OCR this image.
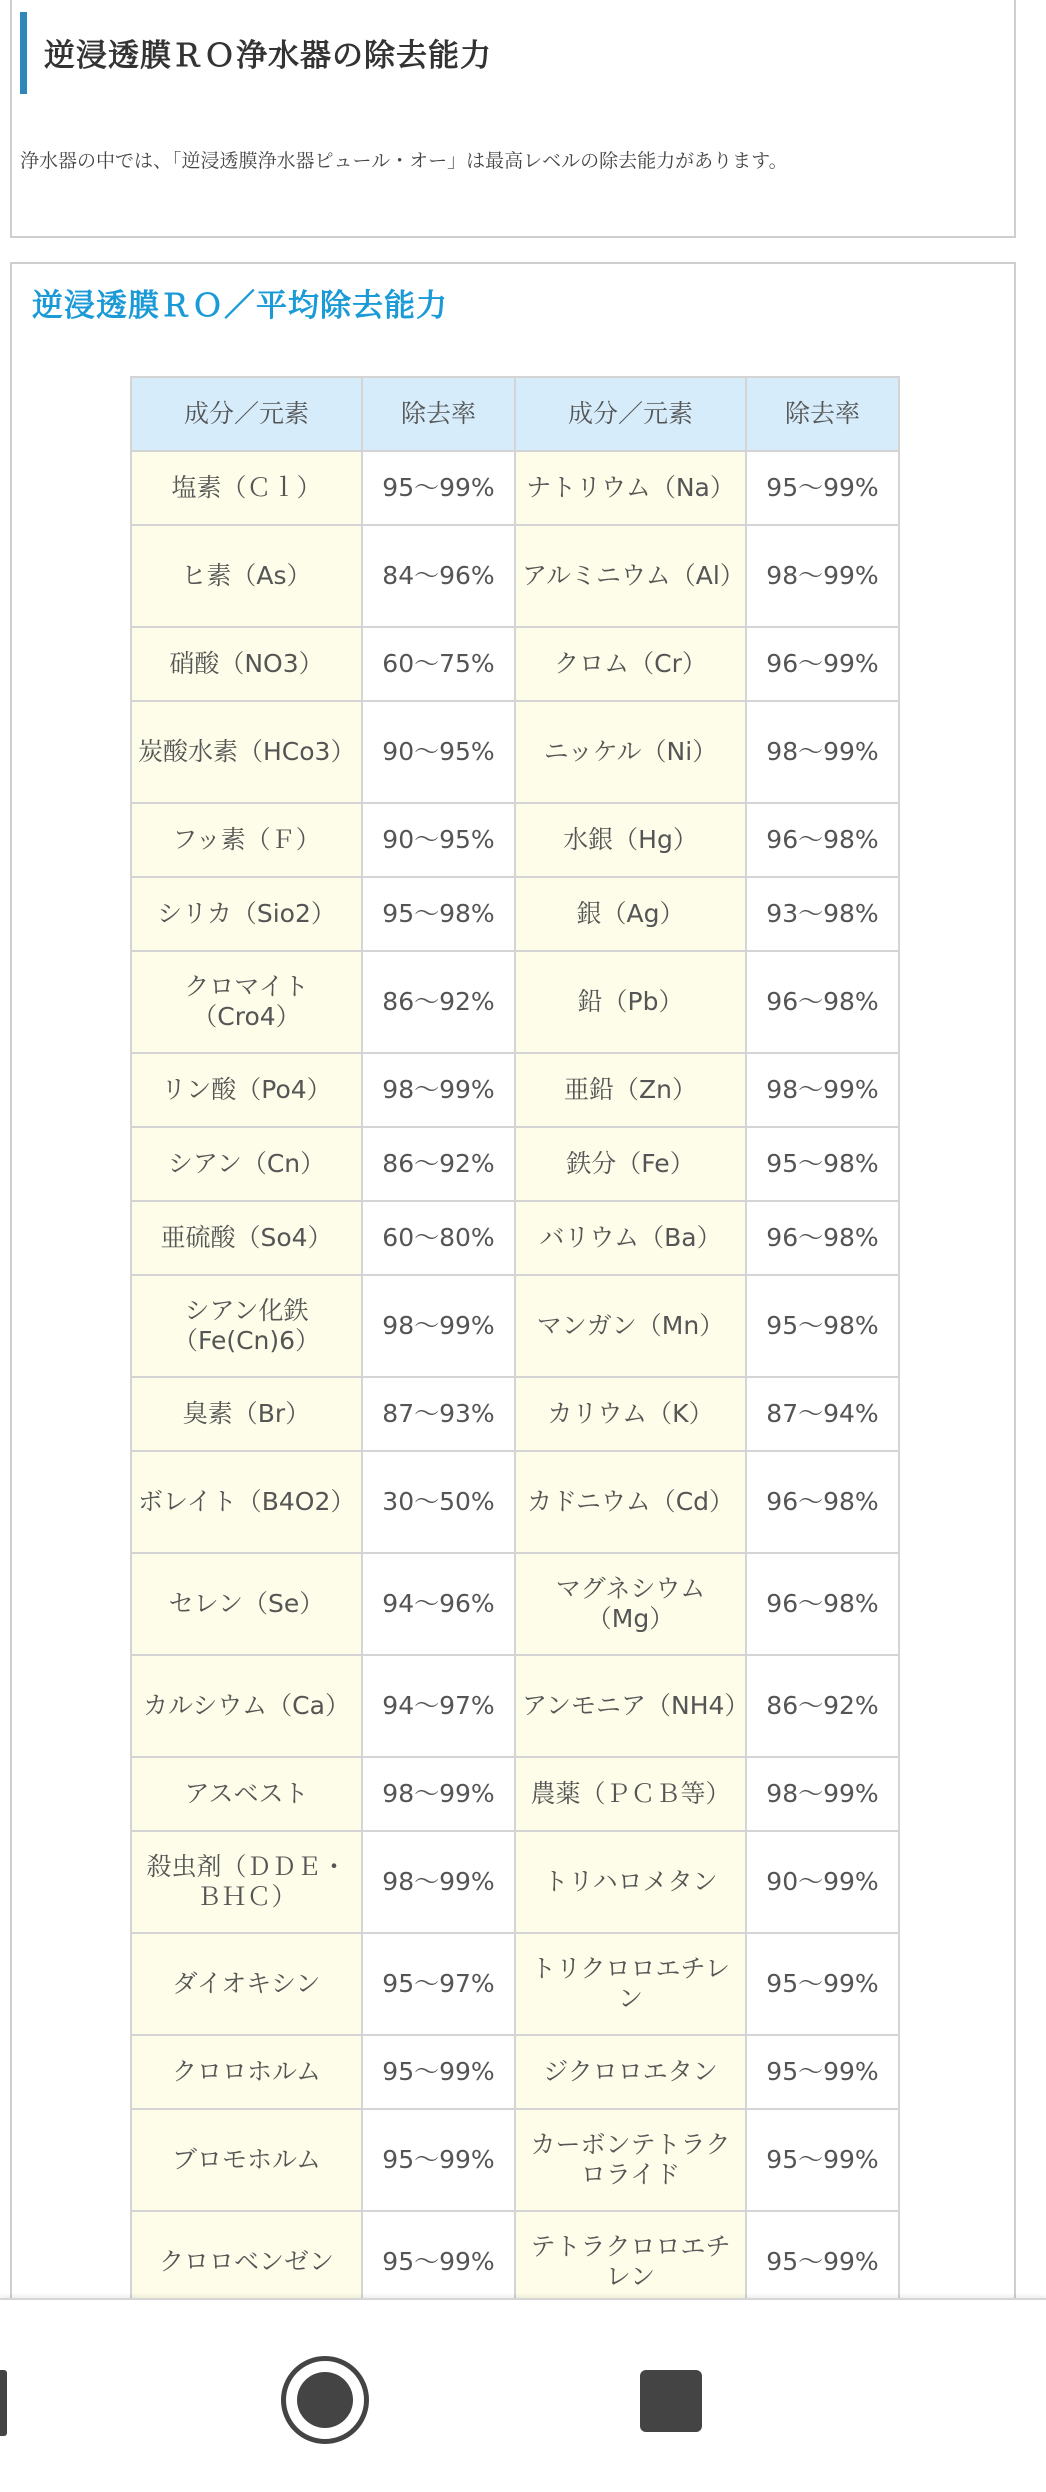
逆浸透膜ＲＯ浄水器の除去能力
浄水器の中では、「逆浸透膜浄水器ピュール・オー」は最高レベルの除去能力があります。
逆浸透膜ＲＯ／平均除去能力
成分／元素	除去率	成分／元素	除去率
塩素（Ｃｌ）	95～99%	ナトリウム（Na）	95～99%
ヒ素（As）	84～96%	アルミニウム（Al）	98～99%
硝酸（NO3）	60～75%	クロム（Cr）	96～99%
炭酸水素（HCo3）	90～95%	ニッケル（Ni）	98～99%
フッ素（Ｆ）	90～95%	水銀（Hg）	96～98%
シリカ（Sio2）	95～98%	銀（Ag）	93～98%
クロマイト（Cro4）	86～92%	鉛（Pb）	96～98%
リン酸（Po4）	98～99%	亜鉛（Zn）	98～99%
シアン（Cn）	86～92%	鉄分（Fe）	95～98%
亜硫酸（So4）	60～80%	バリウム（Ba）	96～98%
シアン化鉄（Fe(Cn)6）	98～99%	マンガン（Mn）	95～98%
臭素（Br）	87～93%	カリウム（K）	87～94%
ボレイト（B4O2）	30～50%	カドニウム（Cd）	96～98%
セレン（Se）	94～96%	マグネシウム（Mg）	96～98%
カルシウム（Ca）	94～97%	アンモニア（NH4）	86～92%
アスベスト	98～99%	農薬（ＰＣＢ等）	98～99%
殺虫剤（ＤＤＥ・ＢＨＣ）	98～99%	トリハロメタン	90～99%
ダイオキシン	95～97%	トリクロロエチレン	95～99%
クロロホルム	95～99%	ジクロロエタン	95～99%
ブロモホルム	95～99%	カーボンテトラクロライド	95～99%
クロロベンゼン	95～99%	テトラクロロエチレン	95～99%
